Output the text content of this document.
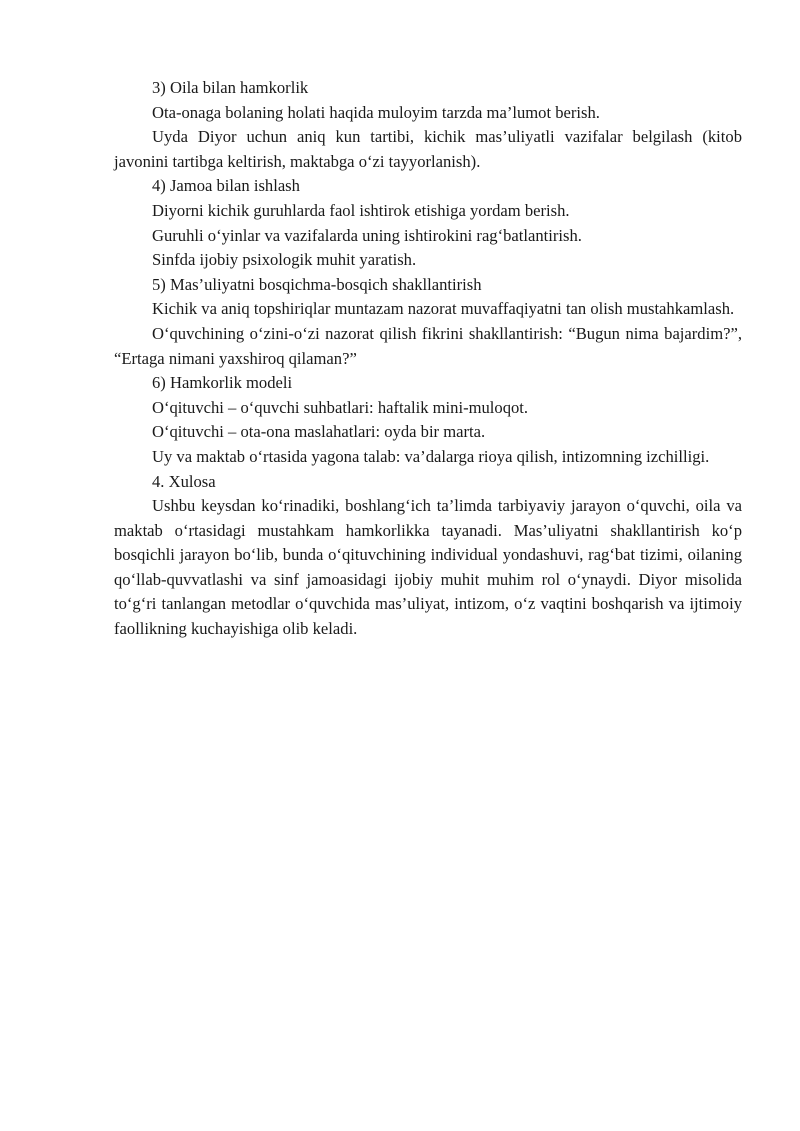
3) Oila bilan hamkorlik

Ota-onaga bolaning holati haqida muloyim tarzda ma’lumot berish.

Uyda Diyor uchun aniq kun tartibi, kichik mas’uliyatli vazifalar belgilash (kitob javonini tartibga keltirish, maktabga o‘zi tayyorlanish).

4) Jamoa bilan ishlash

Diyorni kichik guruhlarda faol ishtirok etishiga yordam berish.

Guruhli o‘yinlar va vazifalarda uning ishtirokini rag‘batlantirish.

Sinfda ijobiy psixologik muhit yaratish.

5) Mas’uliyatni bosqichma-bosqich shakllantirish

Kichik va aniq topshiriqlar muntazam nazorat muvaffaqiyatni tan olish mustahkamlash.

O‘quvchining o‘zini-o‘zi nazorat qilish fikrini shakllantirish: “Bugun nima bajardim?”, “Ertaga nimani yaxshiroq qilaman?”

6) Hamkorlik modeli

O‘qituvchi – o‘quvchi suhbatlari: haftalik mini-muloqot.

O‘qituvchi – ota-ona maslahatlari: oyda bir marta.

Uy va maktab o‘rtasida yagona talab: va’dalarga rioya qilish, intizomning izchilligi.

4. Xulosa

Ushbu keysdan ko‘rinadiki, boshlang‘ich ta’limda tarbiyaviy jarayon o‘quvchi, oila va maktab o‘rtasidagi mustahkam hamkorlikka tayanadi. Mas’uliyatni shakllantirish ko‘p bosqichli jarayon bo‘lib, bunda o‘qituvchining individual yondashuvi, rag‘bat tizimi, oilaning qo‘llab-quvvatlashi va sinf jamoasidagi ijobiy muhit muhim rol o‘ynaydi. Diyor misolida to‘g‘ri tanlangan metodlar o‘quvchida mas’uliyat, intizom, o‘z vaqtini boshqarish va ijtimoiy faollikning kuchayishiga olib keladi.
